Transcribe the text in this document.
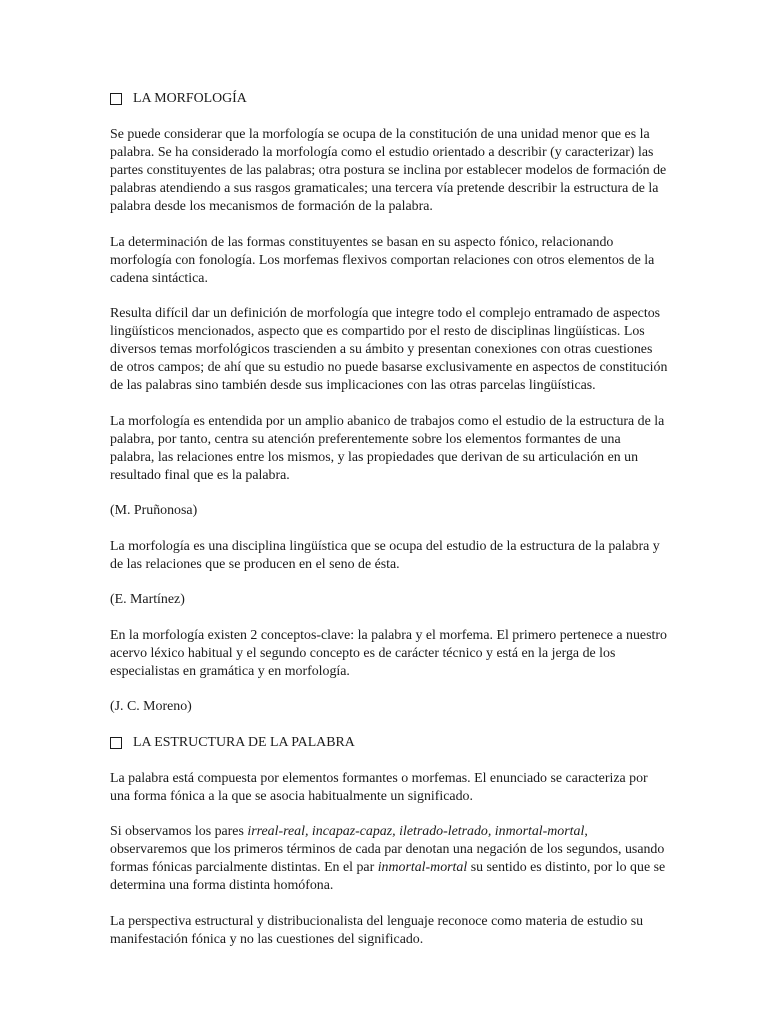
LA MORFOLOGÍA

Se puede considerar que la morfología se ocupa de la constitución de una unidad menor que es la palabra. Se ha considerado la morfología como el estudio orientado a describir (y caracterizar) las partes constituyentes de las palabras; otra postura se inclina por establecer modelos de formación de palabras atendiendo a sus rasgos gramaticales; una tercera vía pretende describir la estructura de la palabra desde los mecanismos de formación de la palabra.

La determinación de las formas constituyentes se basan en su aspecto fónico, relacionando morfología con fonología. Los morfemas flexivos comportan relaciones con otros elementos de la cadena sintáctica.

Resulta difícil dar un definición de morfología que integre todo el complejo entramado de aspectos lingüísticos mencionados, aspecto que es compartido por el resto de disciplinas lingüísticas. Los diversos temas morfológicos trascienden a su ámbito y presentan conexiones con otras cuestiones de otros campos; de ahí que su estudio no puede basarse exclusivamente en aspectos de constitución de las palabras sino también desde sus implicaciones con las otras parcelas lingüísticas.

La morfología es entendida por un amplio abanico de trabajos como el estudio de la estructura de la palabra, por tanto, centra su atención preferentemente sobre los elementos formantes de una palabra, las relaciones entre los mismos, y las propiedades que derivan de su articulación en un resultado final que es la palabra.

(M. Pruñonosa)

La morfología es una disciplina lingüística que se ocupa del estudio de la estructura de la palabra y de las relaciones que se producen en el seno de ésta.

(E. Martínez)

En la morfología existen 2 conceptos-clave: la palabra y el morfema. El primero pertenece a nuestro acervo léxico habitual y el segundo concepto es de carácter técnico y está en la jerga de los especialistas en gramática y en morfología.

(J. C. Moreno)

LA ESTRUCTURA DE LA PALABRA

La palabra está compuesta por elementos formantes o morfemas. El enunciado se caracteriza por una forma fónica a la que se asocia habitualmente un significado.

Si observamos los pares irreal-real, incapaz-capaz, iletrado-letrado, inmortal-mortal, observaremos que los primeros términos de cada par denotan una negación de los segundos, usando formas fónicas parcialmente distintas. En el par inmortal-mortal su sentido es distinto, por lo que se determina una forma distinta homófona.

La perspectiva estructural y distribucionalista del lenguaje reconoce como materia de estudio su manifestación fónica y no las cuestiones del significado.
